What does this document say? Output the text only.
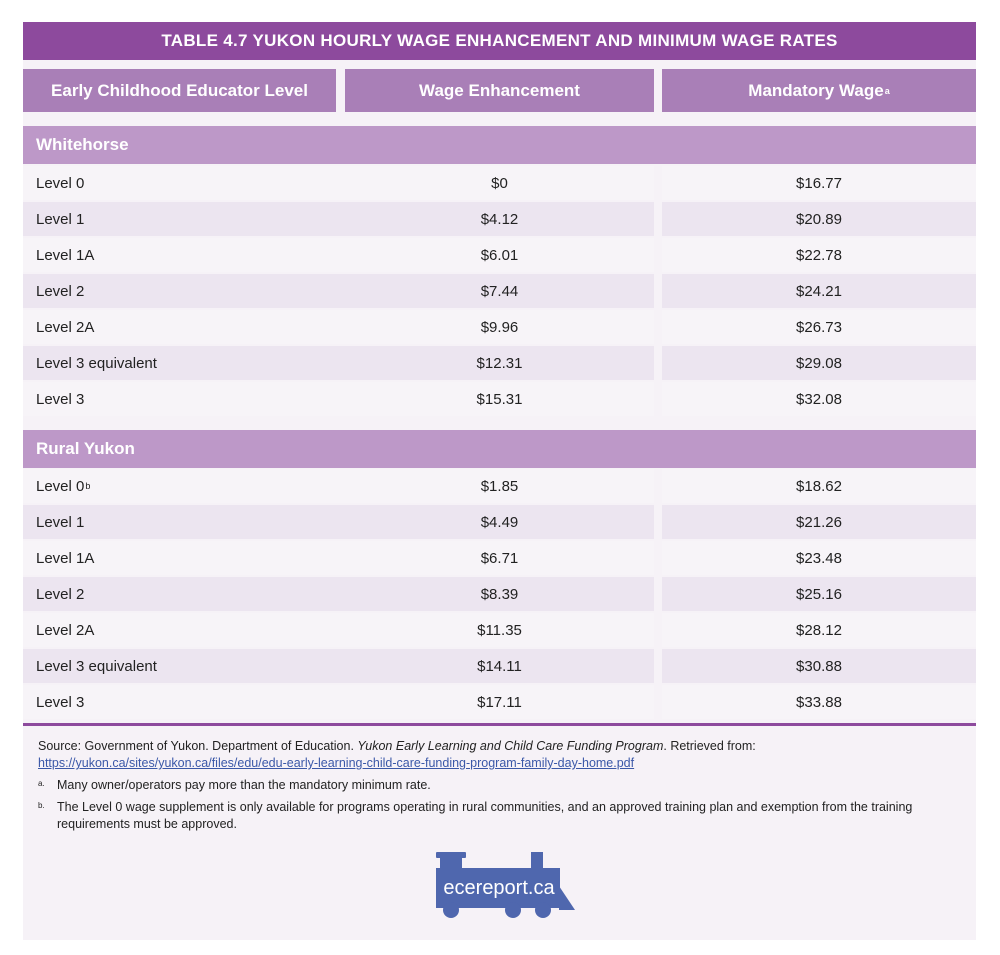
TABLE 4.7 YUKON HOURLY WAGE ENHANCEMENT AND MINIMUM WAGE RATES
Early Childhood Educator Level	Wage Enhancement	Mandatory Wage a
Whitehorse
Level 0	$0	$16.77
Level 1	$4.12	$20.89
Level 1A	$6.01	$22.78
Level 2	$7.44	$24.21
Level 2A	$9.96	$26.73
Level 3 equivalent	$12.31	$29.08
Level 3	$15.31	$32.08
Rural Yukon
Level 0 b	$1.85	$18.62
Level 1	$4.49	$21.26
Level 1A	$6.71	$23.48
Level 2	$8.39	$25.16
Level 2A	$11.35	$28.12
Level 3 equivalent	$14.11	$30.88
Level 3	$17.11	$33.88
Source: Government of Yukon. Department of Education. Yukon Early Learning and Child Care Funding Program. Retrieved from: https://yukon.ca/sites/yukon.ca/files/edu/edu-early-learning-child-care-funding-program-family-day-home.pdf
a. Many owner/operators pay more than the mandatory minimum rate.
b. The Level 0 wage supplement is only available for programs operating in rural communities, and an approved training plan and exemption from the training requirements must be approved.
ecereport.ca
